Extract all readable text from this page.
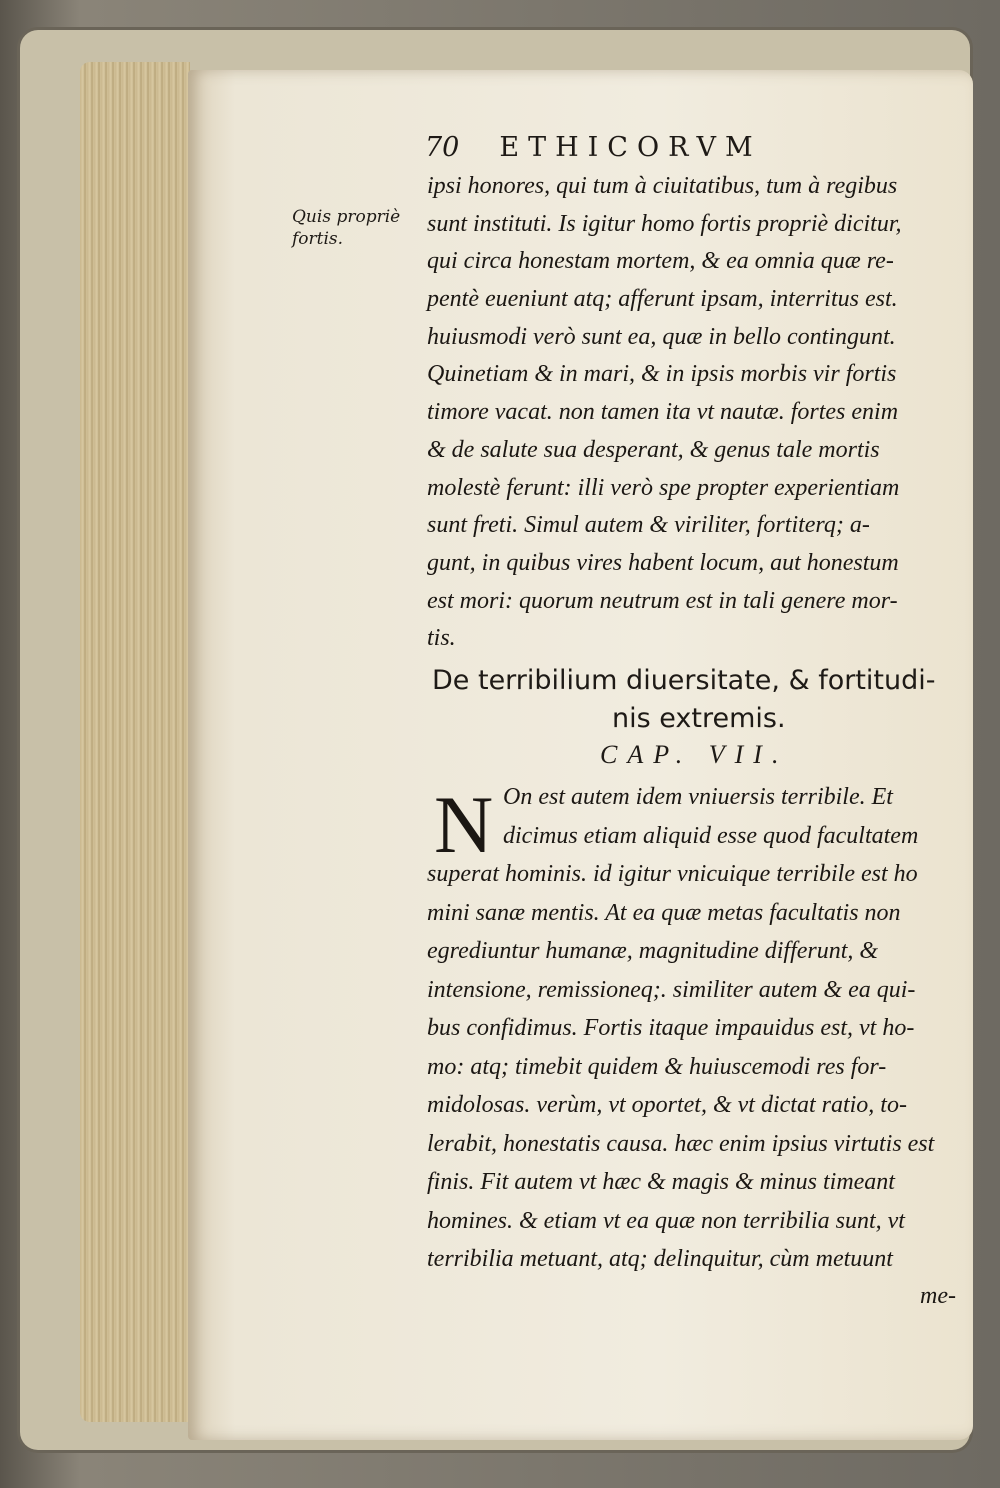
70 ETHICORVM
Quis propriè
fortis.
ipsi honores, qui tum à ciuitatibus, tum à regibus
sunt instituti. Is igitur homo fortis propriè dicitur,
qui circa honestam mortem, & ea omnia quæ re-
pentè eueniunt atq; afferunt ipsam, interritus est.
huiusmodi verò sunt ea, quæ in bello contingunt.
Quinetiam & in mari, & in ipsis morbis vir fortis
timore vacat. non tamen ita vt nautæ. fortes enim
& de salute sua desperant, & genus tale mortis
molestè ferunt: illi verò spe propter experientiam
sunt freti. Simul autem & viriliter, fortiterq; a-
gunt, in quibus vires habent locum, aut honestum
est mori: quorum neutrum est in tali genere mor-
tis.
De terribilium diuersitate, & fortitudi-
nis extremis.
CAP. VII.
N On est autem idem vniuersis terribile. Et
dicimus etiam aliquid esse quod facultatem
superat hominis. id igitur vnicuique terribile est ho
mini sanæ mentis. At ea quæ metas facultatis non
egrediuntur humanæ, magnitudine differunt, &
intensione, remissioneq;. similiter autem & ea qui-
bus confidimus. Fortis itaque impauidus est, vt ho-
mo: atq; timebit quidem & huiuscemodi res for-
midolosas. verùm, vt oportet, & vt dictat ratio, to-
lerabit, honestatis causa. hæc enim ipsius virtutis est
finis. Fit autem vt hæc & magis & minus timeant
homines. & etiam vt ea quæ non terribilia sunt, vt
terribilia metuant, atq; delinquitur, cùm metuunt
me-
